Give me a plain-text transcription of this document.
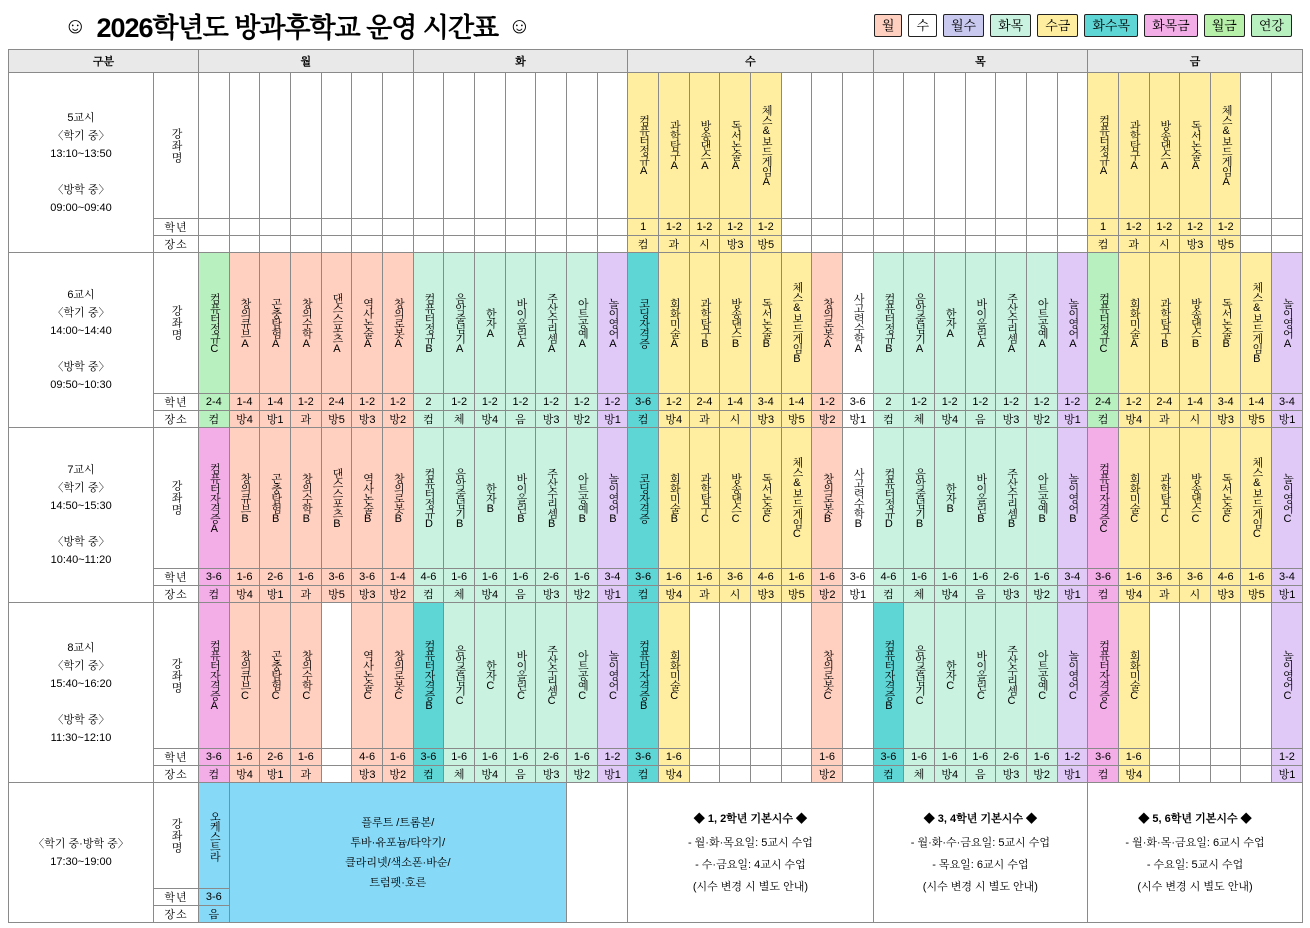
☺ 2026학년도 방과후학교 운영 시간표 ☺	월	수	월수	화목	수금	화수목	화목금	월금	연강
구분		월							화							수								목							금						

5교시
〈학기 중〉
13:10~13:50

〈방학 중〉
09:00~09:40	강좌명															컴퓨터정규A	과학탐구A	방송댄스A	독서논술A	체스&보드게임A											컴퓨터정규A	과학탐구A	방송댄스A	독서논술A	체스&보드게임A		
	학년															1	1-2	1-2	1-2	1-2											1	1-2	1-2	1-2	1-2		
	장소															컴	과	시	방3	방5											컴	과	시	방3	방5		

6교시
〈학기 중〉
14:00~14:40

〈방학 중〉
09:50~10:30	강좌명	컴퓨터정규C	창의큐브A	곤충탐험A	창의수학A	댄스스포츠A	역사논술A	창의로봇A	컴퓨터정규B	음악줄넘기A	한자A	바이올린A	주산수리셈A	아트공예A	놀이영어A	코딩자격증	회화미술A	과학탐구B	방송댄스B	독서논술B	체스&보드게임B	창의로봇A	사고력수학A	컴퓨터정규B	음악줄넘기A	한자A	바이올린A	주산수리셈A	아트공예A	놀이영어A	컴퓨터정규C	회화미술A	과학탐구B	방송댄스B	독서논술B	체스&보드게임B	놀이영어A
	학년	2-4	1-4	1-4	1-2	2-4	1-2	1-2	2	1-2	1-2	1-2	1-2	1-2	1-2	3-6	1-2	2-4	1-4	3-4	1-4	1-2	3-6	2	1-2	1-2	1-2	1-2	1-2	1-2	2-4	1-2	2-4	1-4	3-4	1-4	3-4
	장소	컴	방4	방1	과	방5	방3	방2	컴	체	방4	음	방3	방2	방1	컴	방4	과	시	방3	방5	방2	방1	컴	체	방4	음	방3	방2	방1	컴	방4	과	시	방3	방5	방1

7교시
〈학기 중〉
14:50~15:30

〈방학 중〉
10:40~11:20	강좌명	컴퓨터자격증A	창의큐브B	곤충탐험B	창의수학B	댄스스포츠B	역사논술B	창의로봇B	컴퓨터정규D	음악줄넘기B	한자B	바이올린B	주산수리셈B	아트공예B	놀이영어B	코딩자격증	회화미술B	과학탐구C	방송댄스C	독서논술C	체스&보드게임C	창의로봇B	사고력수학B	컴퓨터정규D	음악줄넘기B	한자B	바이올린B	주산수리셈B	아트공예B	놀이영어B	컴퓨터자격증C	회화미술C	과학탐구C	방송댄스C	독서논술C	체스&보드게임C	놀이영어C
	학년	3-6	1-6	2-6	1-6	3-6	3-6	1-4	4-6	1-6	1-6	1-6	2-6	1-6	3-4	3-6	1-6	1-6	3-6	4-6	1-6	1-6	3-6	4-6	1-6	1-6	1-6	2-6	1-6	3-4	3-6	1-6	3-6	3-6	4-6	1-6	3-4
	장소	컴	방4	방1	과	방5	방3	방2	컴	체	방4	음	방3	방2	방1	컴	방4	과	시	방3	방5	방2	방1	컴	체	방4	음	방3	방2	방1	컴	방4	과	시	방3	방5	방1

8교시
〈학기 중〉
15:40~16:20

〈방학 중〉
11:30~12:10	강좌명	컴퓨터자격증A	창의큐브C	곤충탐험C	창의수학C		역사논술C	창의로봇C	컴퓨터자격증B	음악줄넘기C	한자C	바이올린C	주산수리셈C	아트공예C	놀이영어C	컴퓨터자격증B	회화미술C					창의로봇C		컴퓨터자격증B	음악줄넘기C	한자C	바이올린C	주산수리셈C	아트공예C	놀이영어C	컴퓨터자격증C	회화미술C					놀이영어C
	학년	3-6	1-6	2-6	1-6		4-6	1-6	3-6	1-6	1-6	1-6	2-6	1-6	1-2	3-6	1-6					1-6		3-6	1-6	1-6	1-6	2-6	1-6	1-2	3-6	1-6					1-2
	장소	컴	방4	방1	과		방3	방2	컴	체	방4	음	방3	방2	방1	컴	방4					방2		컴	체	방4	음	방3	방2	방1	컴	방4					방1

〈학기 중·방학 중〉
17:30~19:00
	강좌명	오케스트라	플루트 /트롬본/
투바·유포늄/타악기/
클라리넷/색소폰·바순/
트럼펫·호른

◆ 1, 2학년 기본시수 ◆
- 월·화·목요일: 5교시 수업
- 수·금요일: 4교시 수업
(시수 변경 시 별도 안내)

◆ 3, 4학년 기본시수 ◆
- 월·화·수·금요일: 5교시 수업
- 목요일: 6교시 수업
(시수 변경 시 별도 안내)

◆ 5, 6학년 기본시수 ◆
- 월·화·목·금요일: 6교시 수업
- 수요일: 5교시 수업
(시수 변경 시 별도 안내)

	학년	3-6																																			
	장소	음																																			
